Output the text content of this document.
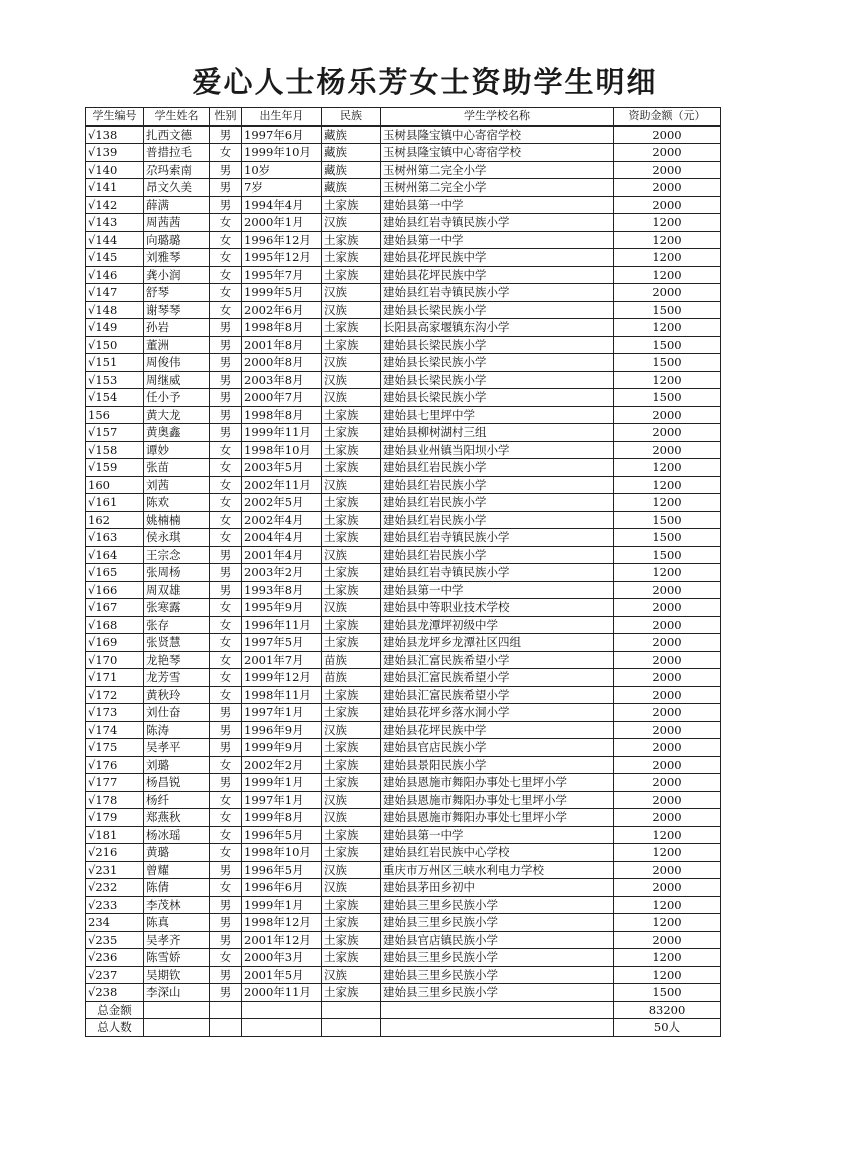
爱心人士杨乐芳女士资助学生明细
学生编号	学生姓名	性别	出生年月	民族	学生学校名称	资助金额（元）
√138	扎西文德	男	1997年6月	藏族	玉树县隆宝镇中心寄宿学校	2000
√139	普措拉毛	女	1999年10月	藏族	玉树县隆宝镇中心寄宿学校	2000
√140	尕玛索南	男	10岁	藏族	玉树州第二完全小学	2000
√141	昂文久美	男	7岁	藏族	玉树州第二完全小学	2000
√142	薛满	男	1994年4月	土家族	建始县第一中学	2000
√143	周茜茜	女	2000年1月	汉族	建始县红岩寺镇民族小学	1200
√144	向璐璐	女	1996年12月	土家族	建始县第一中学	1200
√145	刘雅琴	女	1995年12月	土家族	建始县花坪民族中学	1200
√146	龚小润	女	1995年7月	土家族	建始县花坪民族中学	1200
√147	舒琴	女	1999年5月	汉族	建始县红岩寺镇民族小学	2000
√148	谢琴琴	女	2002年6月	汉族	建始县长梁民族小学	1500
√149	孙岩	男	1998年8月	土家族	长阳县高家堰镇东沟小学	1200
√150	董洲	男	2001年8月	土家族	建始县长梁民族小学	1500
√151	周俊伟	男	2000年8月	汉族	建始县长梁民族小学	1500
√153	周继威	男	2003年8月	汉族	建始县长梁民族小学	1200
√154	任小予	男	2000年7月	汉族	建始县长梁民族小学	1500
156	黄大龙	男	1998年8月	土家族	建始县七里坪中学	2000
√157	黄奥鑫	男	1999年11月	土家族	建始县柳树湖村三组	2000
√158	谭妙	女	1998年10月	土家族	建始县业州镇当阳坝小学	2000
√159	张苗	女	2003年5月	土家族	建始县红岩民族小学	1200
160	刘茜	女	2002年11月	汉族	建始县红岩民族小学	1200
√161	陈欢	女	2002年5月	土家族	建始县红岩民族小学	1200
162	姚楠楠	女	2002年4月	土家族	建始县红岩民族小学	1500
√163	侯永琪	女	2004年4月	土家族	建始县红岩寺镇民族小学	1500
√164	王宗念	男	2001年4月	汉族	建始县红岩民族小学	1500
√165	张周杨	男	2003年2月	土家族	建始县红岩寺镇民族小学	1200
√166	周双雄	男	1993年8月	土家族	建始县第一中学	2000
√167	张寒露	女	1995年9月	汉族	建始县中等职业技术学校	2000
√168	张存	女	1996年11月	土家族	建始县龙潭坪初级中学	2000
√169	张贤慧	女	1997年5月	土家族	建始县龙坪乡龙潭社区四组	2000
√170	龙艳琴	女	2001年7月	苗族	建始县汇富民族希望小学	2000
√171	龙芳雪	女	1999年12月	苗族	建始县汇富民族希望小学	2000
√172	黄秋玲	女	1998年11月	土家族	建始县汇富民族希望小学	2000
√173	刘仕奋	男	1997年1月	土家族	建始县花坪乡落水洞小学	2000
√174	陈涛	男	1996年9月	汉族	建始县花坪民族中学	2000
√175	吴孝平	男	1999年9月	土家族	建始县官店民族小学	2000
√176	刘璐	女	2002年2月	土家族	建始县景阳民族小学	2000
√177	杨昌锐	男	1999年1月	土家族	建始县恩施市舞阳办事处七里坪小学	2000
√178	杨纤	女	1997年1月	汉族	建始县恩施市舞阳办事处七里坪小学	2000
√179	郑燕秋	女	1999年8月	汉族	建始县恩施市舞阳办事处七里坪小学	2000
√181	杨冰瑶	女	1996年5月	土家族	建始县第一中学	1200
√216	黄璐	女	1998年10月	土家族	建始县红岩民族中心学校	1200
√231	曾耀	男	1996年5月	汉族	重庆市万州区三峡水利电力学校	2000
√232	陈倩	女	1996年6月	汉族	建始县茅田乡初中	2000
√233	李茂林	男	1999年1月	土家族	建始县三里乡民族小学	1200
234	陈真	男	1998年12月	土家族	建始县三里乡民族小学	1200
√235	吴孝齐	男	2001年12月	土家族	建始县官店镇民族小学	2000
√236	陈雪娇	女	2000年3月	土家族	建始县三里乡民族小学	1200
√237	吴期钦	男	2001年5月	汉族	建始县三里乡民族小学	1200
√238	李深山	男	2000年11月	土家族	建始县三里乡民族小学	1500
总金额						83200
总人数						50人
